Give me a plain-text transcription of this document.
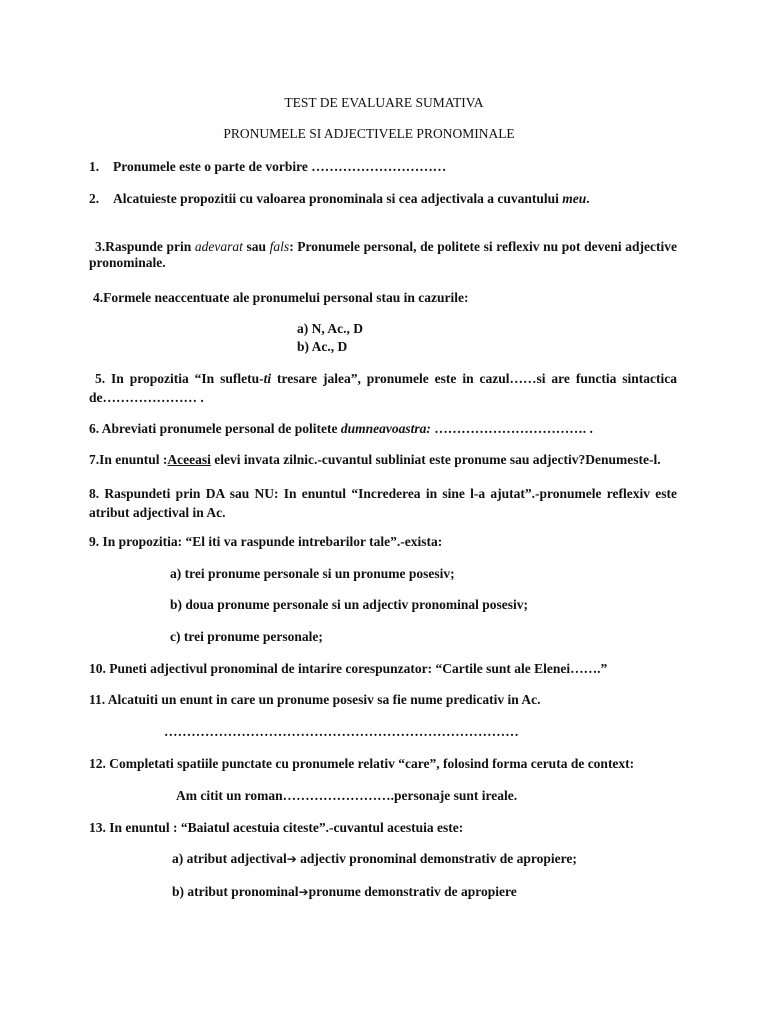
TEST DE EVALUARE SUMATIVA
PRONUMELE SI ADJECTIVELE PRONOMINALE
1. Pronumele este o parte de vorbire …………………………
2. Alcatuieste propozitii cu valoarea pronominala si cea adjectivala a cuvantului meu.
3.Raspunde prin adevarat sau fals: Pronumele personal, de politete si reflexiv nu pot deveni adjective pronominale.
4.Formele neaccentuate ale pronumelui personal stau in cazurile:
a) N, Ac., D
b) Ac., D
5. In propozitia “In sufletu-ti tresare jalea”, pronumele este in cazul……si are functia sintactica de………………… .
6. Abreviati pronumele personal de politete dumneavoastra: ……………………………. .
7.In enuntul :Aceeasi elevi invata zilnic.-cuvantul subliniat este pronume sau adjectiv?Denumeste-l.
8. Raspundeti prin DA sau NU: In enuntul “Increderea in sine l-a ajutat”.-pronumele reflexiv este atribut adjectival in Ac.
9. In propozitia: “El iti va raspunde intrebarilor tale”.-exista:
a) trei pronume personale si un pronume posesiv;
b) doua pronume personale si un adjectiv pronominal posesiv;
c) trei pronume personale;
10. Puneti adjectivul pronominal de intarire corespunzator: “Cartile sunt ale Elenei…….”
11. Alcatuiti un enunt in care un pronume posesiv sa fie nume predicativ in Ac.
……………………………………………………………………
12. Completati spatiile punctate cu pronumele relativ “care”, folosind forma ceruta de context:
Am citit un roman…………………….personaje sunt ireale.
13. In enuntul : “Baiatul acestuia citeste”.-cuvantul acestuia este:
a) atribut adjectival➔ adjectiv pronominal demonstrativ de apropiere;
b) atribut pronominal➔pronume demonstrativ de apropiere
